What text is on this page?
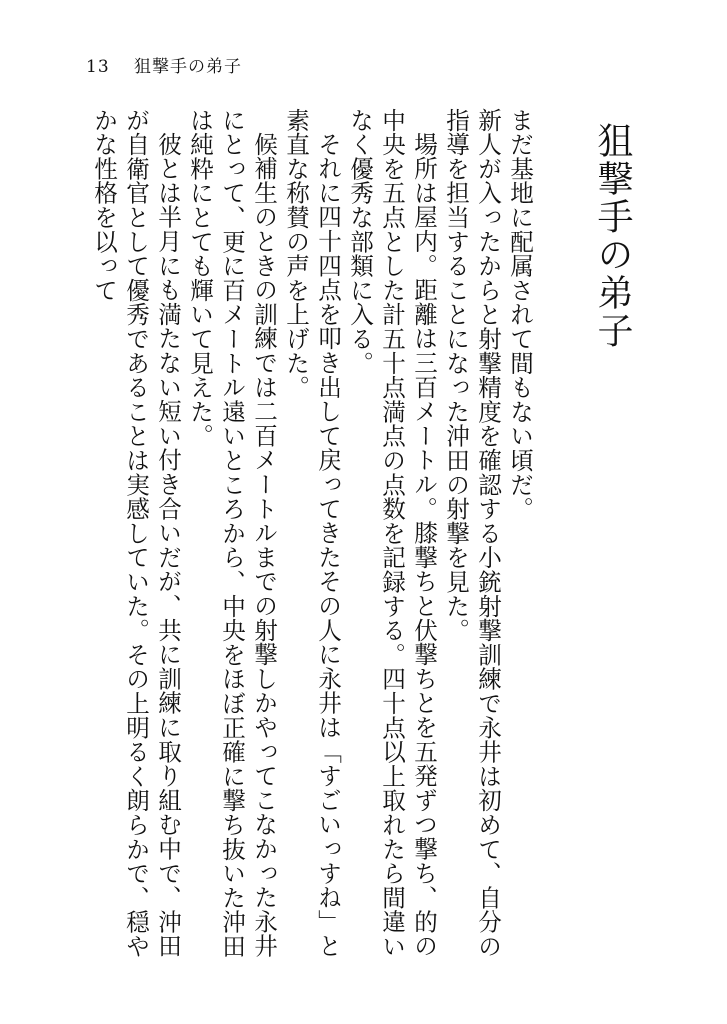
13 狙撃手の弟子
狙撃手の弟子

まだ基地に配属されて間もない頃だ。

新人が入ったからと射撃精度を確認する小銃射撃訓練で永井は初めて、自分の指導を担当することになった沖田の射撃を見た。

場所は屋内。距離は三百メートル。膝撃ちと伏撃ちとを五発ずつ撃ち、的の中央を五点とした計五十点満点の点数を記録する。四十点以上取れたら間違いなく優秀な部類に入る。

それに四十四点を叩き出して戻ってきたその人に永井は「すごいっすね」と素直な称賛の声を上げた。

候補生のときの訓練では二百メートルまでの射撃しかやってこなかった永井にとって、更に百メートル遠いところから、中央をほぼ正確に撃ち抜いた沖田は純粋にとても輝いて見えた。

彼とは半月にも満たない短い付き合いだが、共に訓練に取り組む中で、沖田が自衛官として優秀であることは実感していた。その上明るく朗らかで、穏やかな性格を以って
